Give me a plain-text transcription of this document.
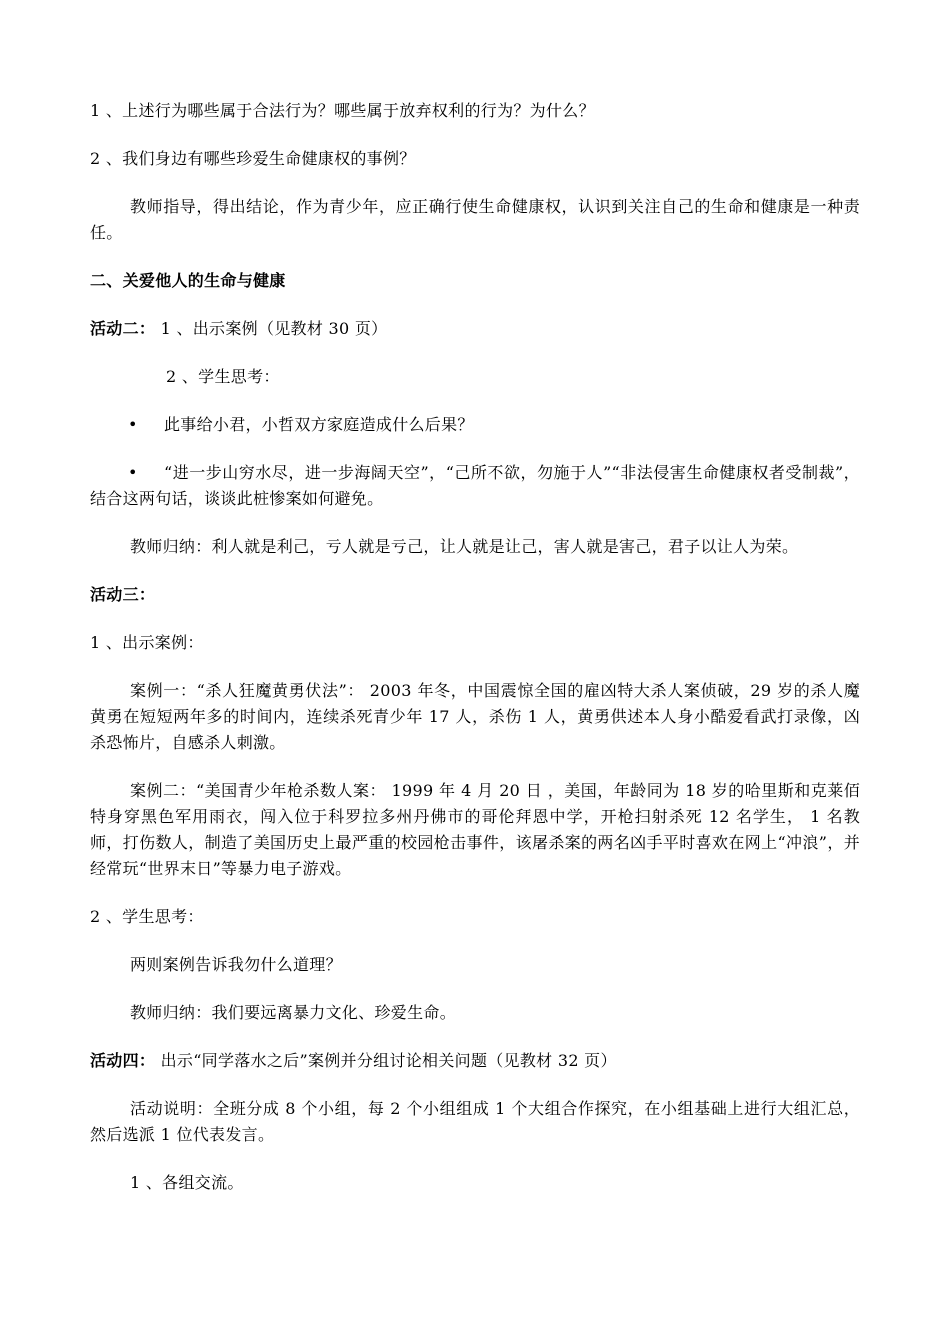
1 、上述行为哪些属于合法行为？哪些属于放弃权利的行为？为什么？

2 、我们身边有哪些珍爱生命健康权的事例？

教师指导，得出结论，作为青少年，应正确行使生命健康权，认识到关注自己的生命和健康是一种责任。

二、关爱他人的生命与健康

活动二： 1 、出示案例（见教材 30 页）

2 、学生思考：

• 此事给小君，小哲双方家庭造成什么后果？

• “进一步山穷水尽，进一步海阔天空”，“己所不欲，勿施于人”“非法侵害生命健康权者受制裁”，结合这两句话，谈谈此桩惨案如何避免。

教师归纳：利人就是利己，亏人就是亏己，让人就是让己，害人就是害己，君子以让人为荣。

活动三：

1 、出示案例：

案例一：“杀人狂魔黄勇伏法”： 2003 年冬，中国震惊全国的雇凶特大杀人案侦破，29 岁的杀人魔黄勇在短短两年多的时间内，连续杀死青少年 17 人，杀伤 1 人，黄勇供述本人身小酷爱看武打录像，凶杀恐怖片，自感杀人刺激。

案例二：“美国青少年枪杀数人案： 1999 年 4 月 20 日 ，美国，年龄同为 18 岁的哈里斯和克莱佰特身穿黑色军用雨衣，闯入位于科罗拉多州丹佛市的哥伦拜恩中学，开枪扫射杀死 12 名学生， 1 名教师，打伤数人，制造了美国历史上最严重的校园枪击事件，该屠杀案的两名凶手平时喜欢在网上“冲浪”，并经常玩“世界末日”等暴力电子游戏。

2 、学生思考：

两则案例告诉我勿什么道理？

教师归纳：我们要远离暴力文化、珍爱生命。

活动四： 出示“同学落水之后”案例并分组讨论相关问题（见教材 32 页）

活动说明：全班分成 8 个小组，每 2 个小组组成 1 个大组合作探究，在小组基础上进行大组汇总，然后选派 1 位代表发言。

1 、各组交流。
